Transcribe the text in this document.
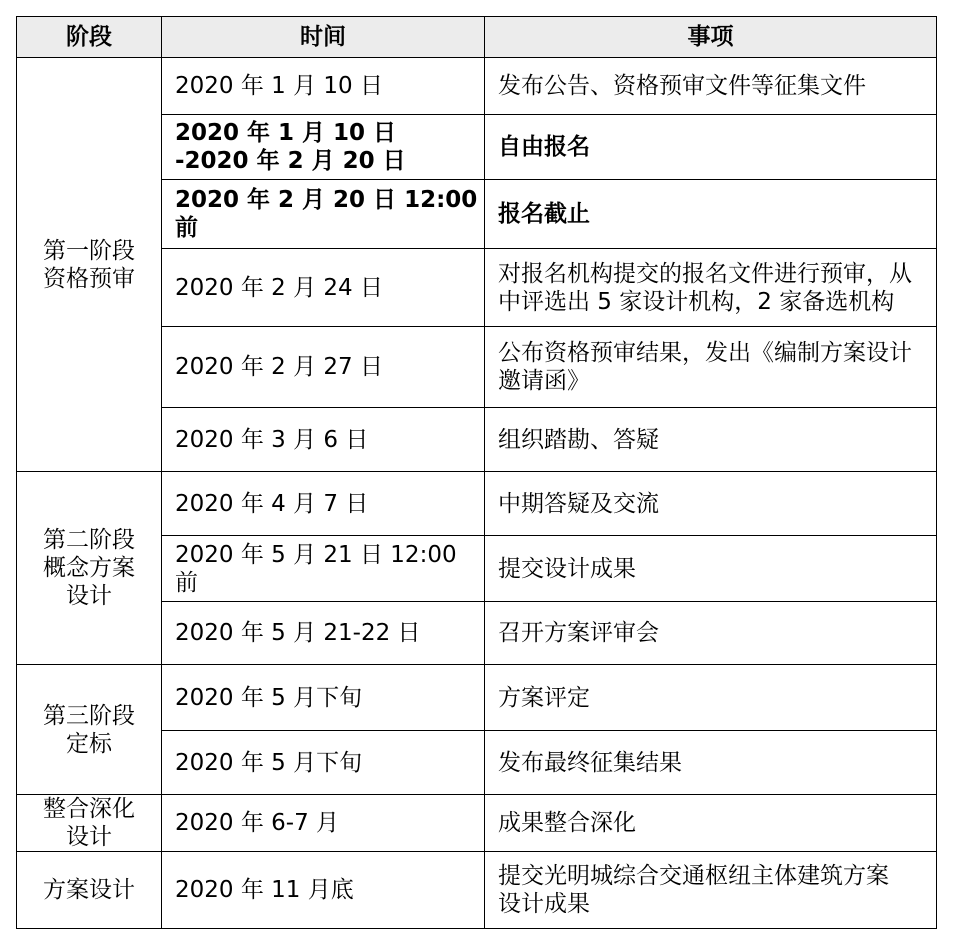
阶段	时间	事项

第一阶段
资格预审	2020 年 1 月 10 日	发布公告、资格预审文件等征集文件

	2020 年 1 月 10 日
-2020 年 2 月 20 日	自由报名

	2020 年 2 月 20 日 12:00 前	报名截止

	2020 年 2 月 24 日	对报名机构提交的报名文件进行预审，从
中评选出 5 家设计机构，2 家备选机构

	2020 年 2 月 27 日	公布资格预审结果，发出《编制方案设计
邀请函》

	2020 年 3 月 6 日	组织踏勘、答疑

第二阶段
概念方案
设计	2020 年 4 月 7 日	中期答疑及交流

	2020 年 5 月 21 日 12:00 前	提交设计成果

	2020 年 5 月 21-22 日	召开方案评审会

第三阶段
定标	2020 年 5 月下旬	方案评定

	2020 年 5 月下旬	发布最终征集结果

整合深化
设计	2020 年 6-7 月	成果整合深化

方案设计	2020 年 11 月底	提交光明城综合交通枢纽主体建筑方案
设计成果
